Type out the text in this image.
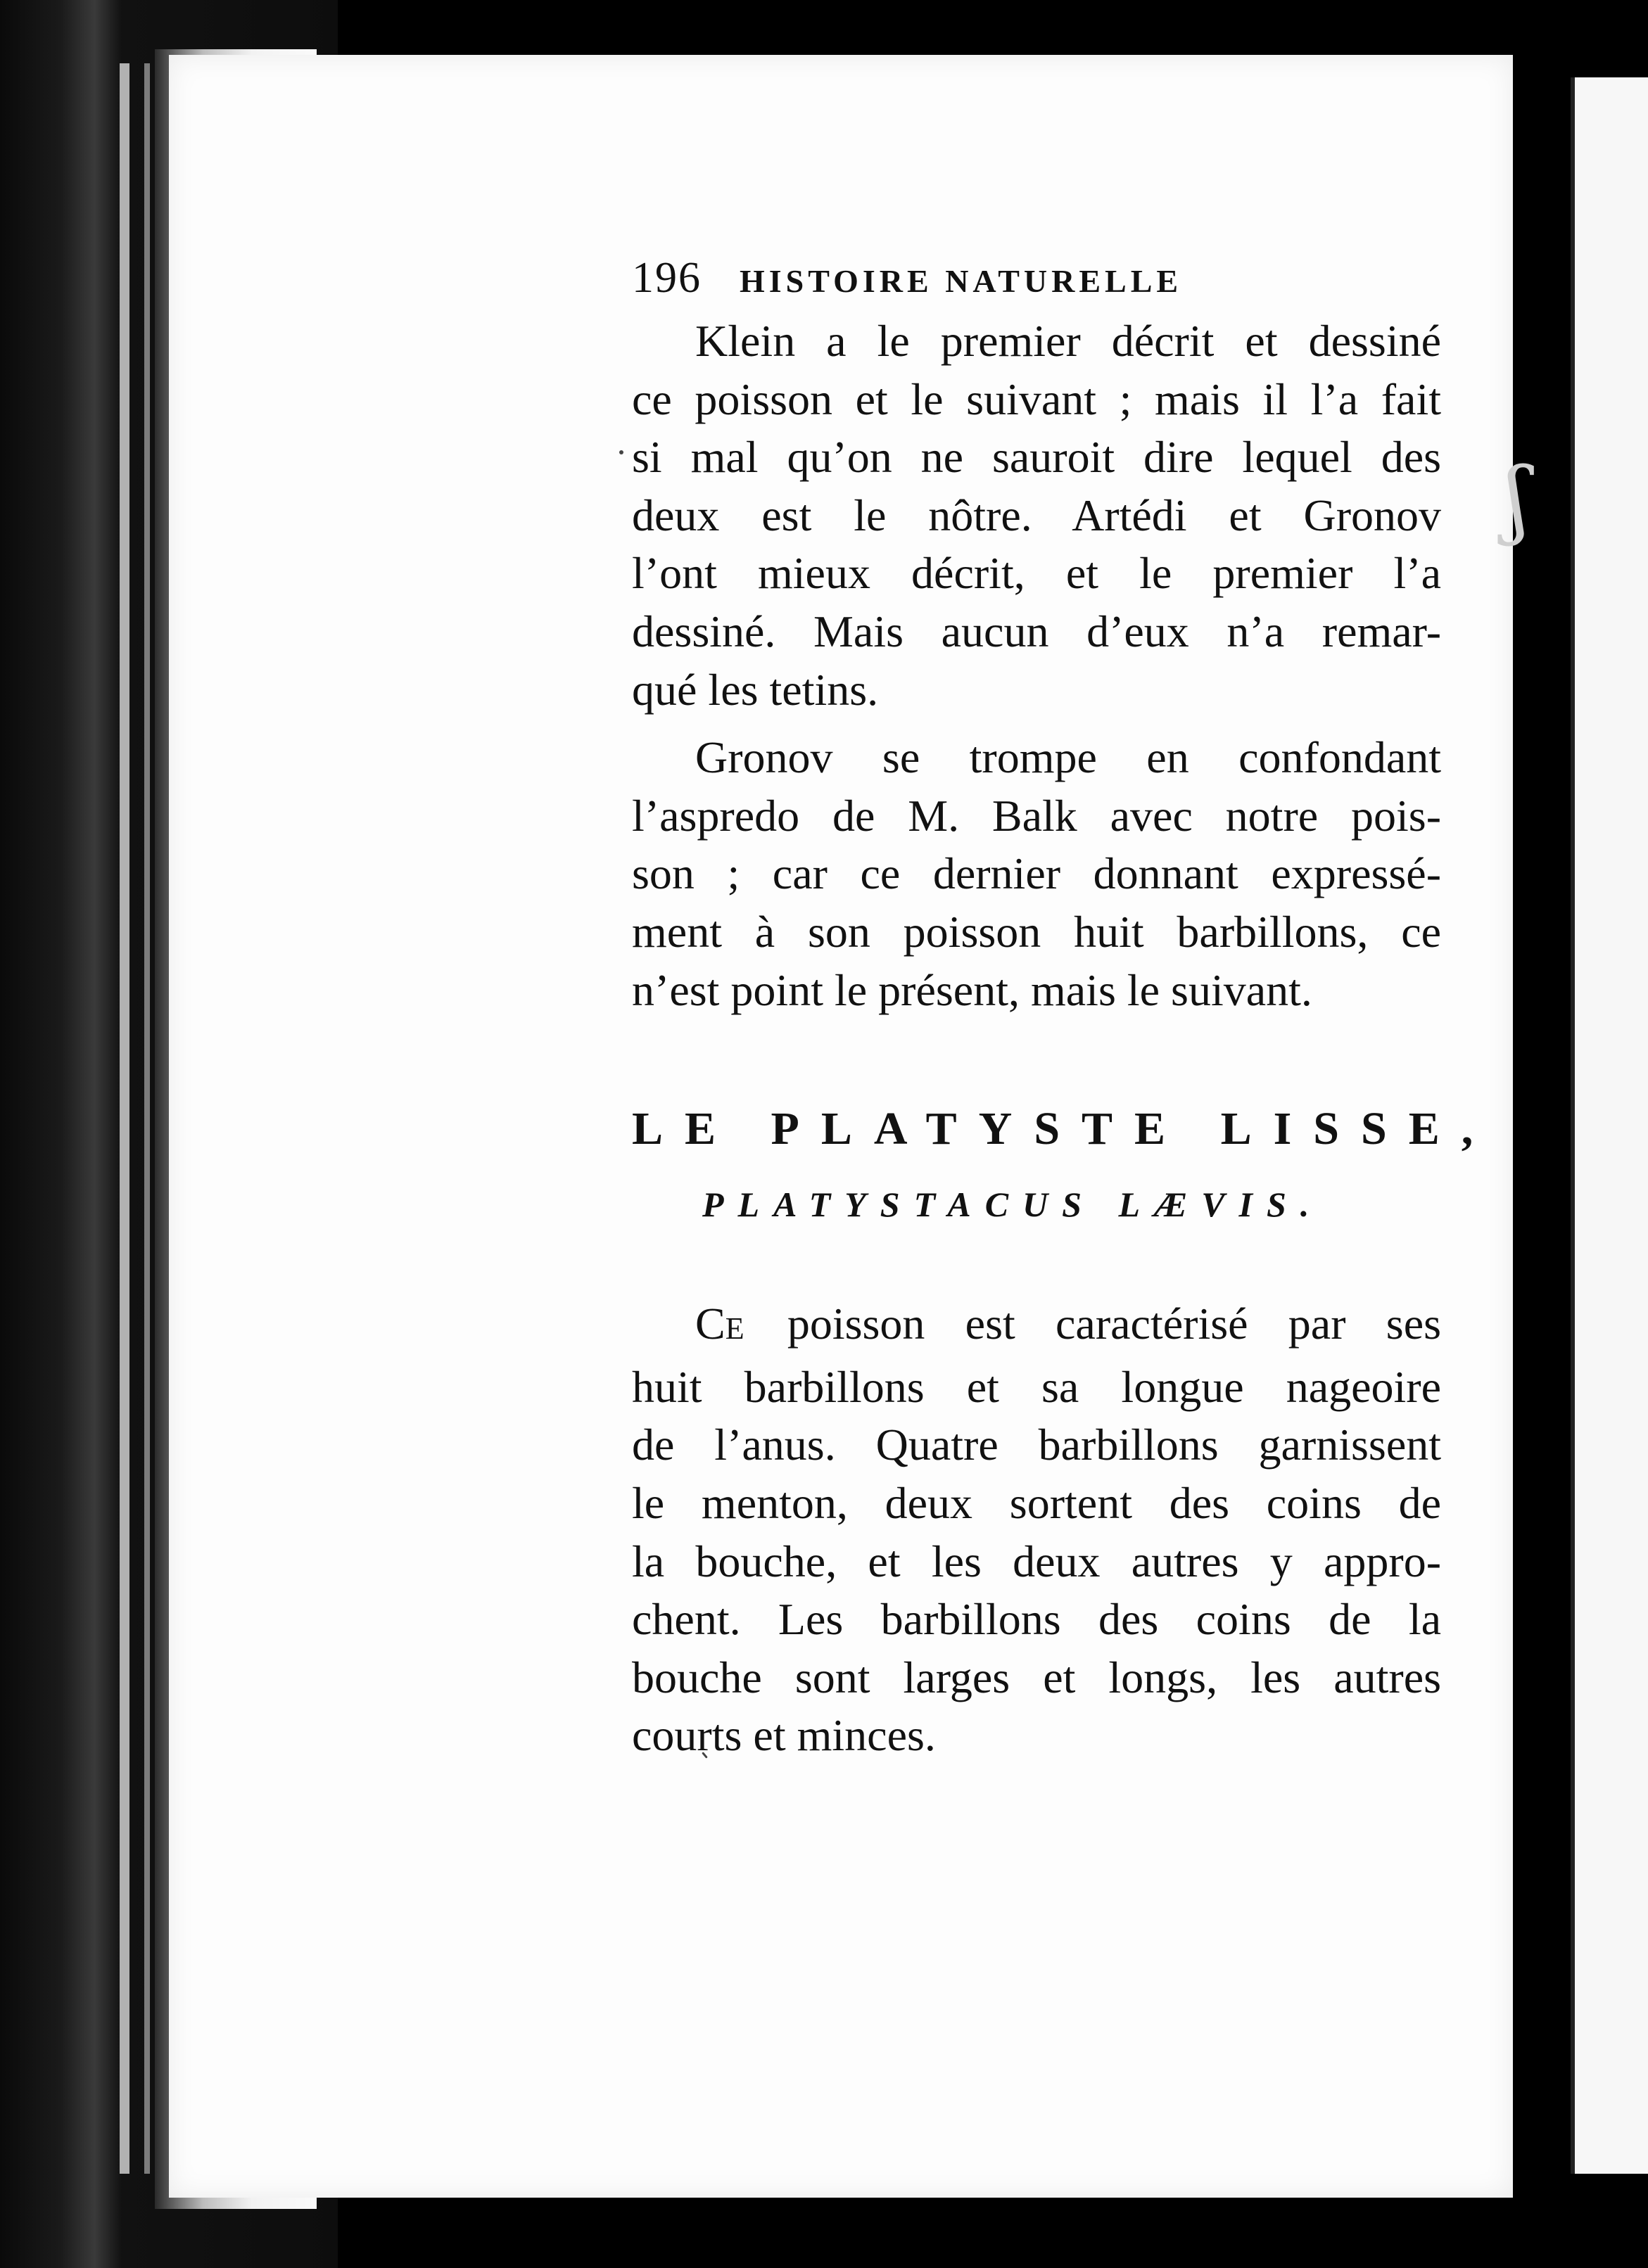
ʃ
196 HISTOIRE NATURELLE

Klein a le premier décrit et dessiné
ce poisson et le suivant ; mais il l’a fait
si mal qu’on ne sauroit dire lequel des
deux est le nôtre. Artédi et Gronov
l’ont mieux décrit, et le premier l’a
dessiné. Mais aucun d’eux n’a remar-
qué les tetins.

Gronov se trompe en confondant
l’aspredo de M. Balk avec notre pois-
son ; car ce dernier donnant expressé-
ment à son poisson huit barbillons, ce
n’est point le présent, mais le suivant.

LE PLATYSTE LISSE,
PLATYSTACUS LÆVIS.

CE poisson est caractérisé par ses
huit barbillons et sa longue nageoire
de l’anus. Quatre barbillons garnissent
le menton, deux sortent des coins de
la bouche, et les deux autres y appro-
chent. Les barbillons des coins de la
bouche sont larges et longs, les autres
courts et minces.
